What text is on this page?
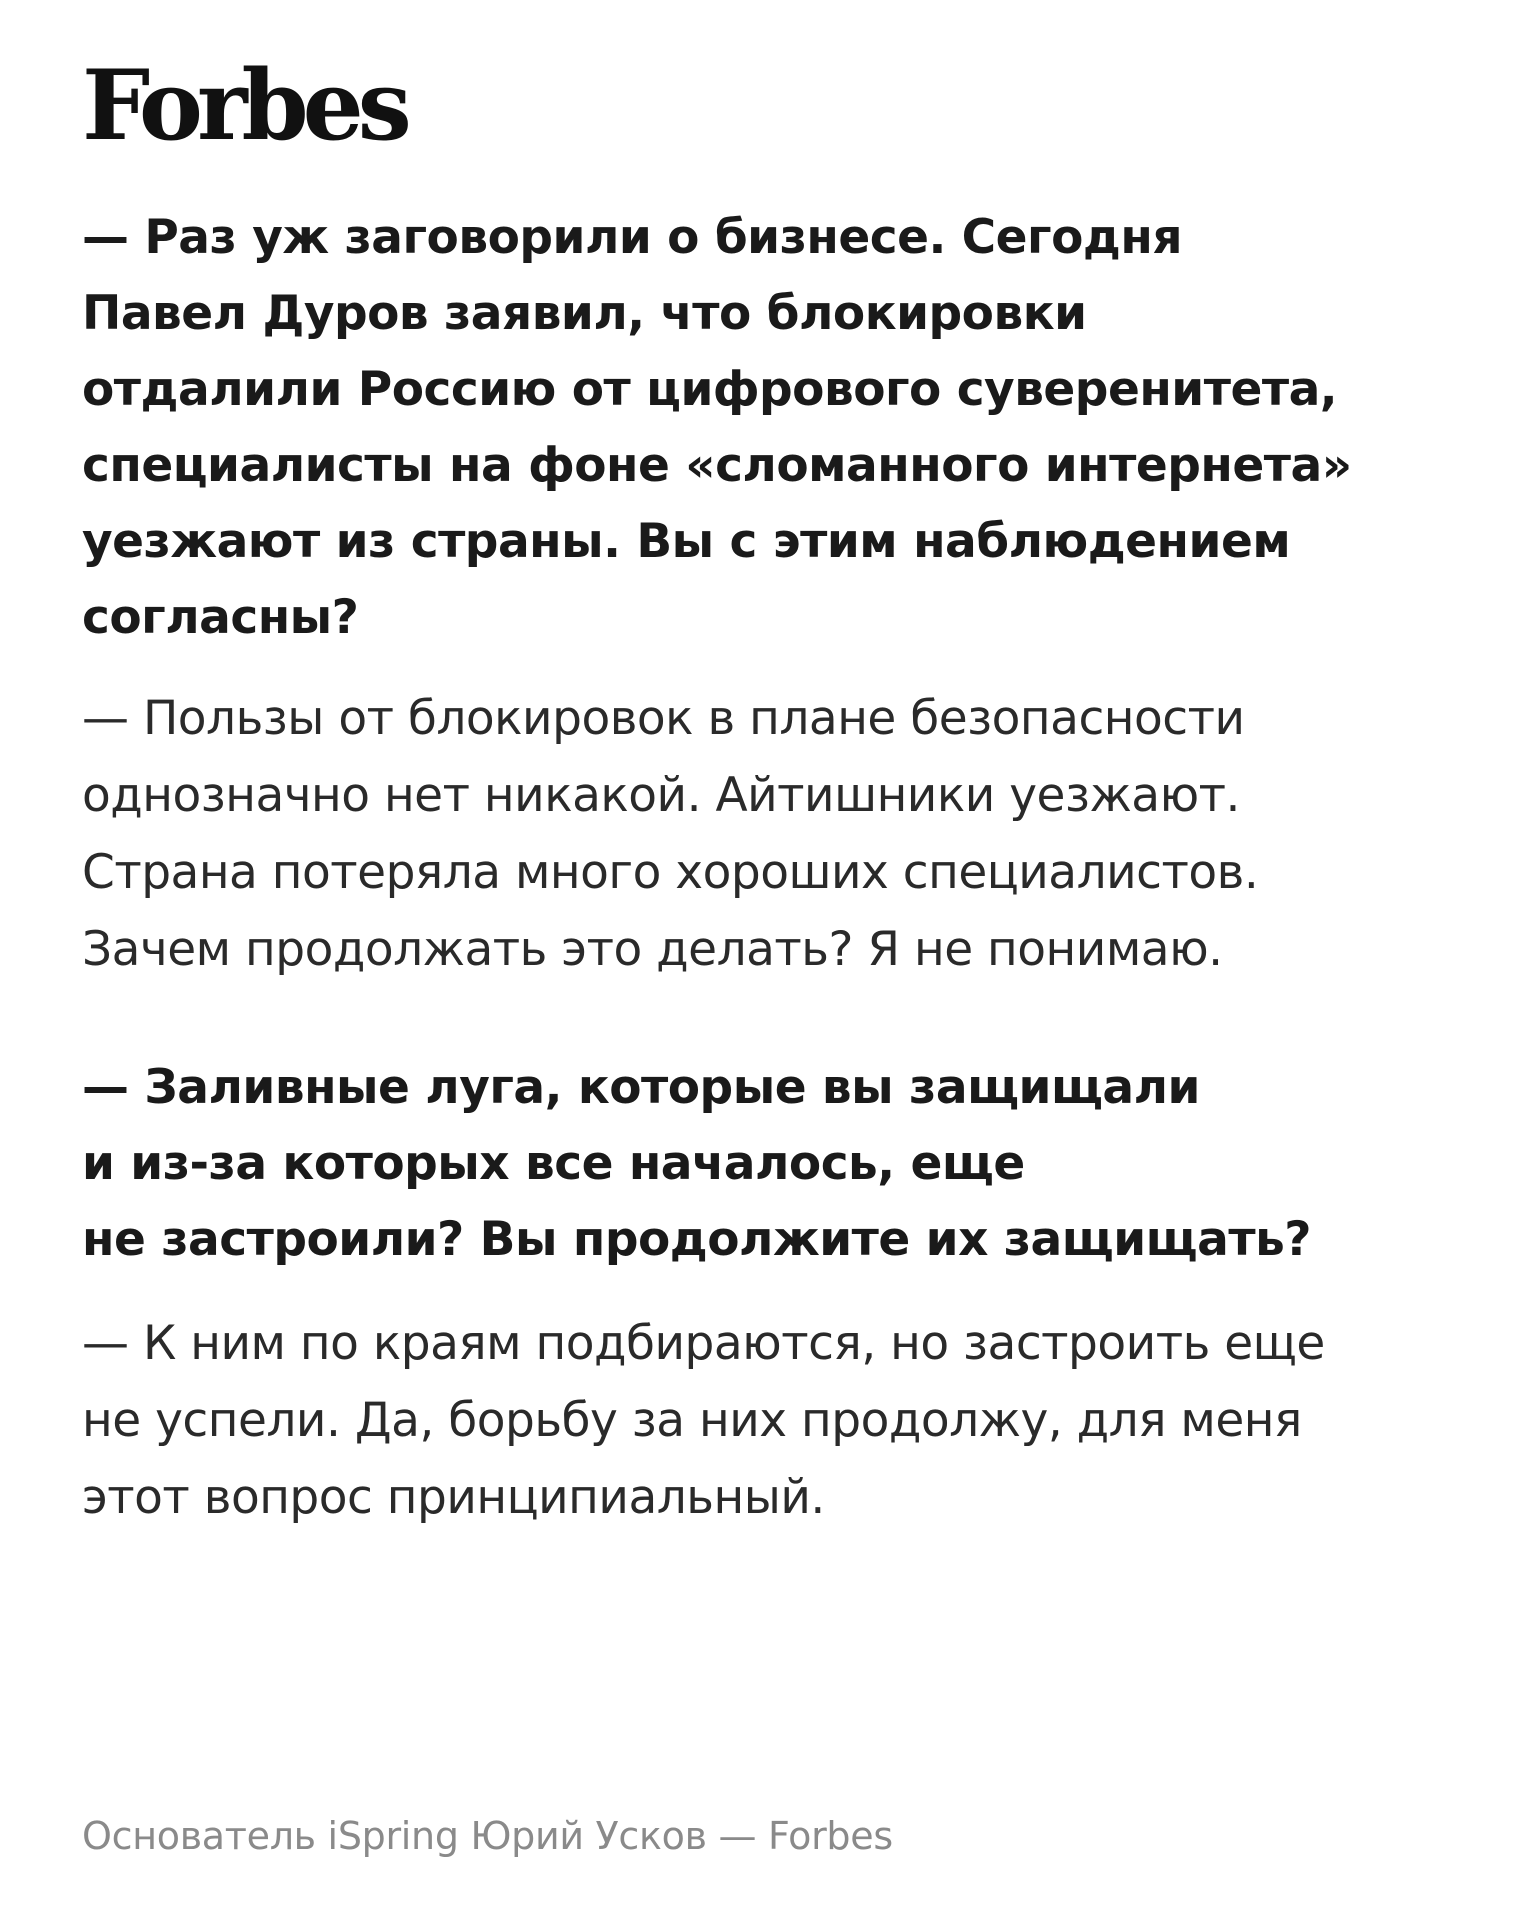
Forbes
— Раз уж заговорили о бизнесе. Сегодня
Павел Дуров заявил, что блокировки
отдалили Россию от цифрового суверенитета,
специалисты на фоне «сломанного интернета»
уезжают из страны. Вы с этим наблюдением
согласны?
— Пользы от блокировок в плане безопасности
однозначно нет никакой. Айтишники уезжают.
Страна потеряла много хороших специалистов.
Зачем продолжать это делать? Я не понимаю.
— Заливные луга, которые вы защищали
и из-за которых все началось, еще
не застроили? Вы продолжите их защищать?
— К ним по краям подбираются, но застроить еще
не успели. Да, борьбу за них продолжу, для меня
этот вопрос принципиальный.
Основатель iSpring Юрий Усков — Forbes
